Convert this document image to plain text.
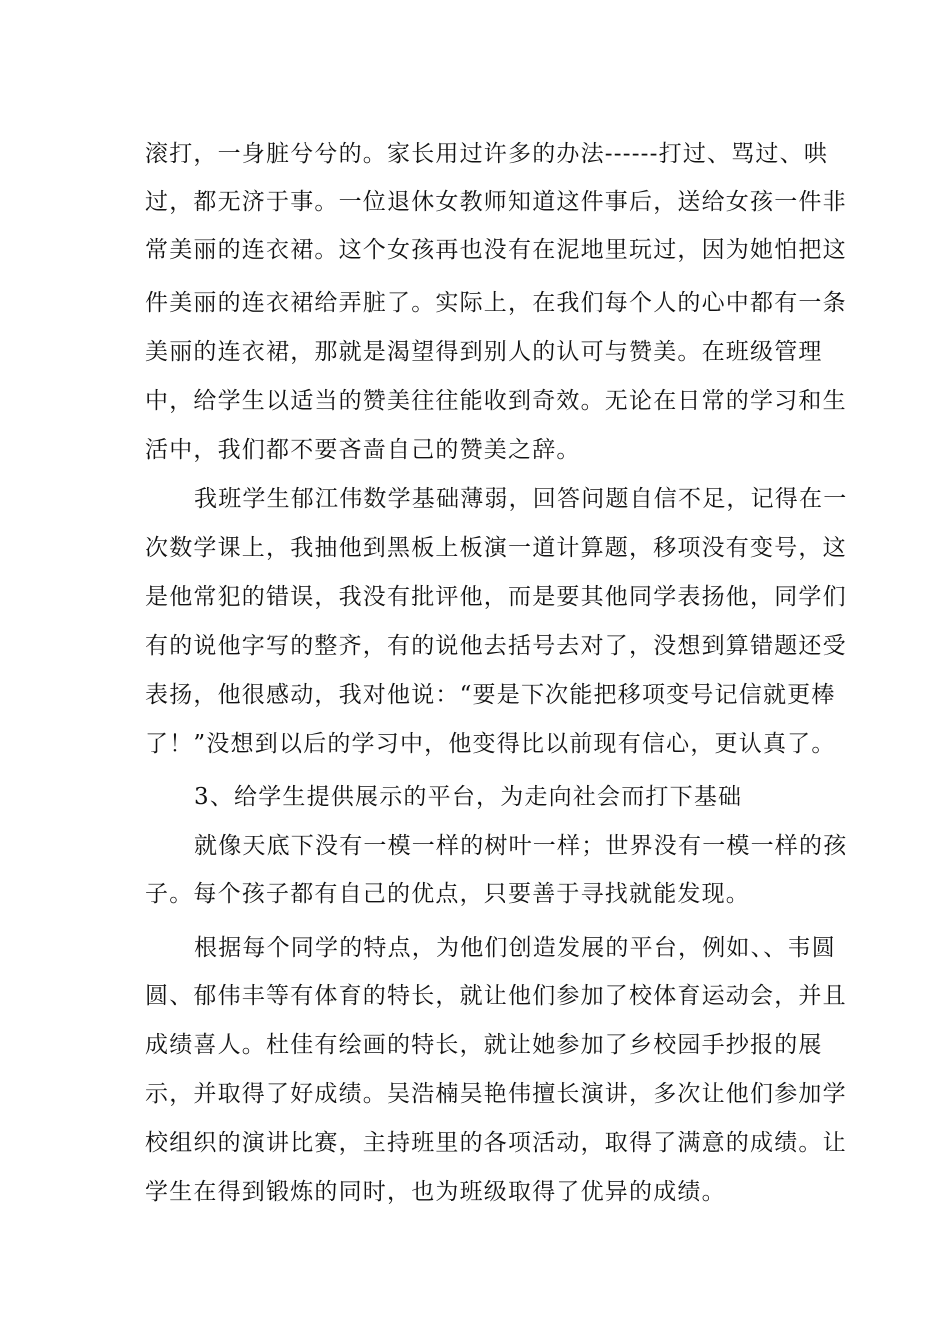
滚打，一身脏兮兮的。家长用过许多的办法------打过、骂过、哄
过，都无济于事。一位退休女教师知道这件事后，送给女孩一件非
常美丽的连衣裙。这个女孩再也没有在泥地里玩过，因为她怕把这
件美丽的连衣裙给弄脏了。实际上，在我们每个人的心中都有一条
美丽的连衣裙，那就是渴望得到别人的认可与赞美。在班级管理
中，给学生以适当的赞美往往能收到奇效。无论在日常的学习和生
活中，我们都不要吝啬自己的赞美之辞。
我班学生郁江伟数学基础薄弱，回答问题自信不足，记得在一
次数学课上，我抽他到黑板上板演一道计算题，移项没有变号，这
是他常犯的错误，我没有批评他，而是要其他同学表扬他，同学们
有的说他字写的整齐，有的说他去括号去对了，没想到算错题还受
表扬，他很感动，我对他说：“要是下次能把移项变号记信就更棒
了！”没想到以后的学习中，他变得比以前现有信心，更认真了。
3、给学生提供展示的平台，为走向社会而打下基础
就像天底下没有一模一样的树叶一样；世界没有一模一样的孩
子。每个孩子都有自己的优点，只要善于寻找就能发现。
根据每个同学的特点，为他们创造发展的平台，例如、、韦圆
圆、郁伟丰等有体育的特长，就让他们参加了校体育运动会，并且
成绩喜人。杜佳有绘画的特长，就让她参加了乡校园手抄报的展
示，并取得了好成绩。吴浩楠吴艳伟擅长演讲，多次让他们参加学
校组织的演讲比赛，主持班里的各项活动，取得了满意的成绩。让
学生在得到锻炼的同时，也为班级取得了优异的成绩。
